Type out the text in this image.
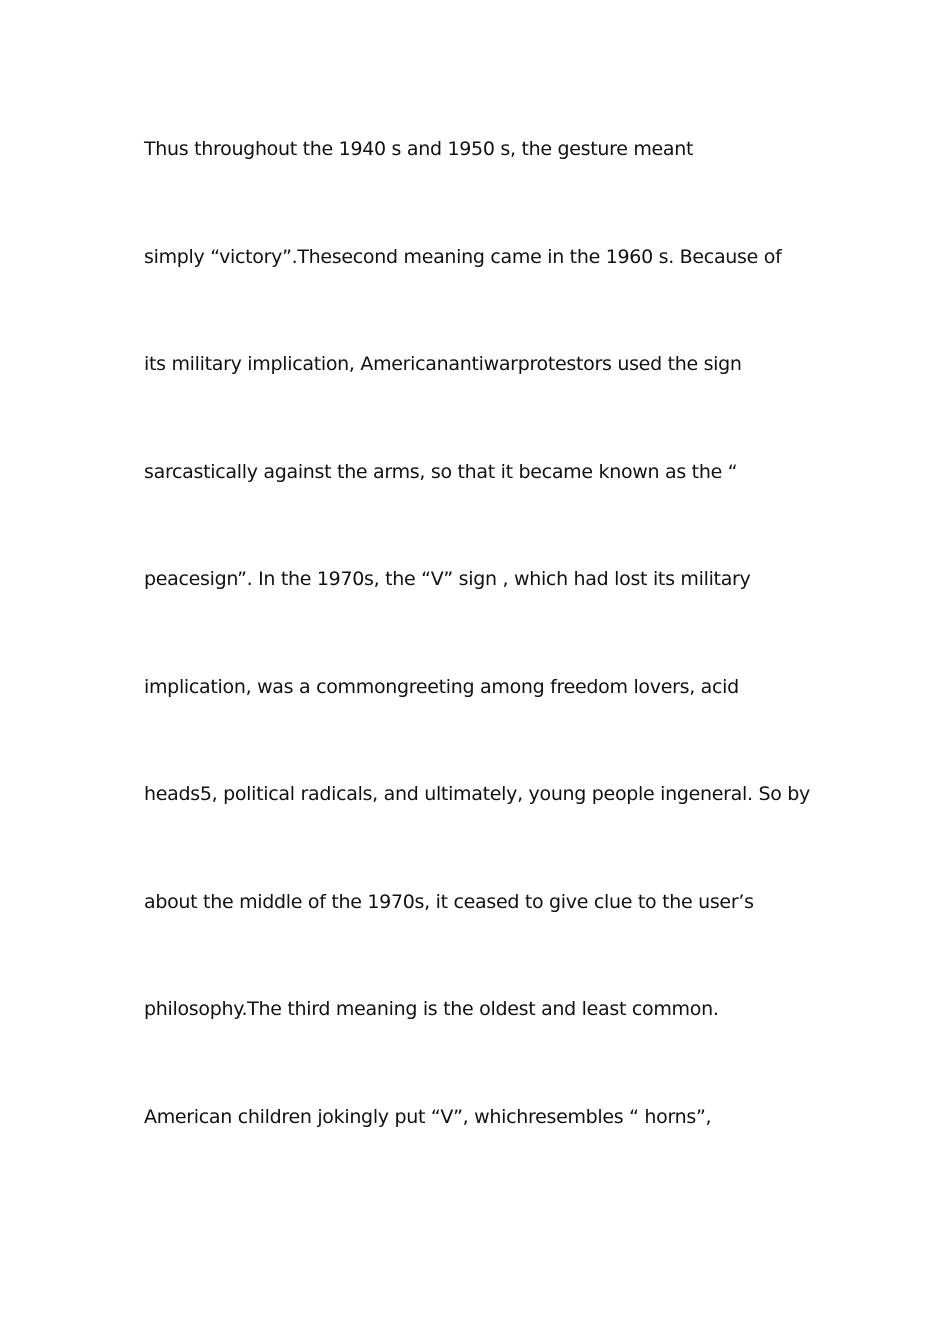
Thus throughout the 1940 s and 1950 s, the gesture meant
simply “victory”.Thesecond meaning came in the 1960 s. Because of
its military implication, Americanantiwarprotestors used the sign
sarcastically against the arms, so that it became known as the “
peacesign”. In the 1970s, the “V” sign , which had lost its military
implication, was a commongreeting among freedom lovers, acid
heads5, political radicals, and ultimately, young people ingeneral. So by
about the middle of the 1970s, it ceased to give clue to the user’s
philosophy.The third meaning is the oldest and least common.
American children jokingly put “V”, whichresembles “ horns”,
